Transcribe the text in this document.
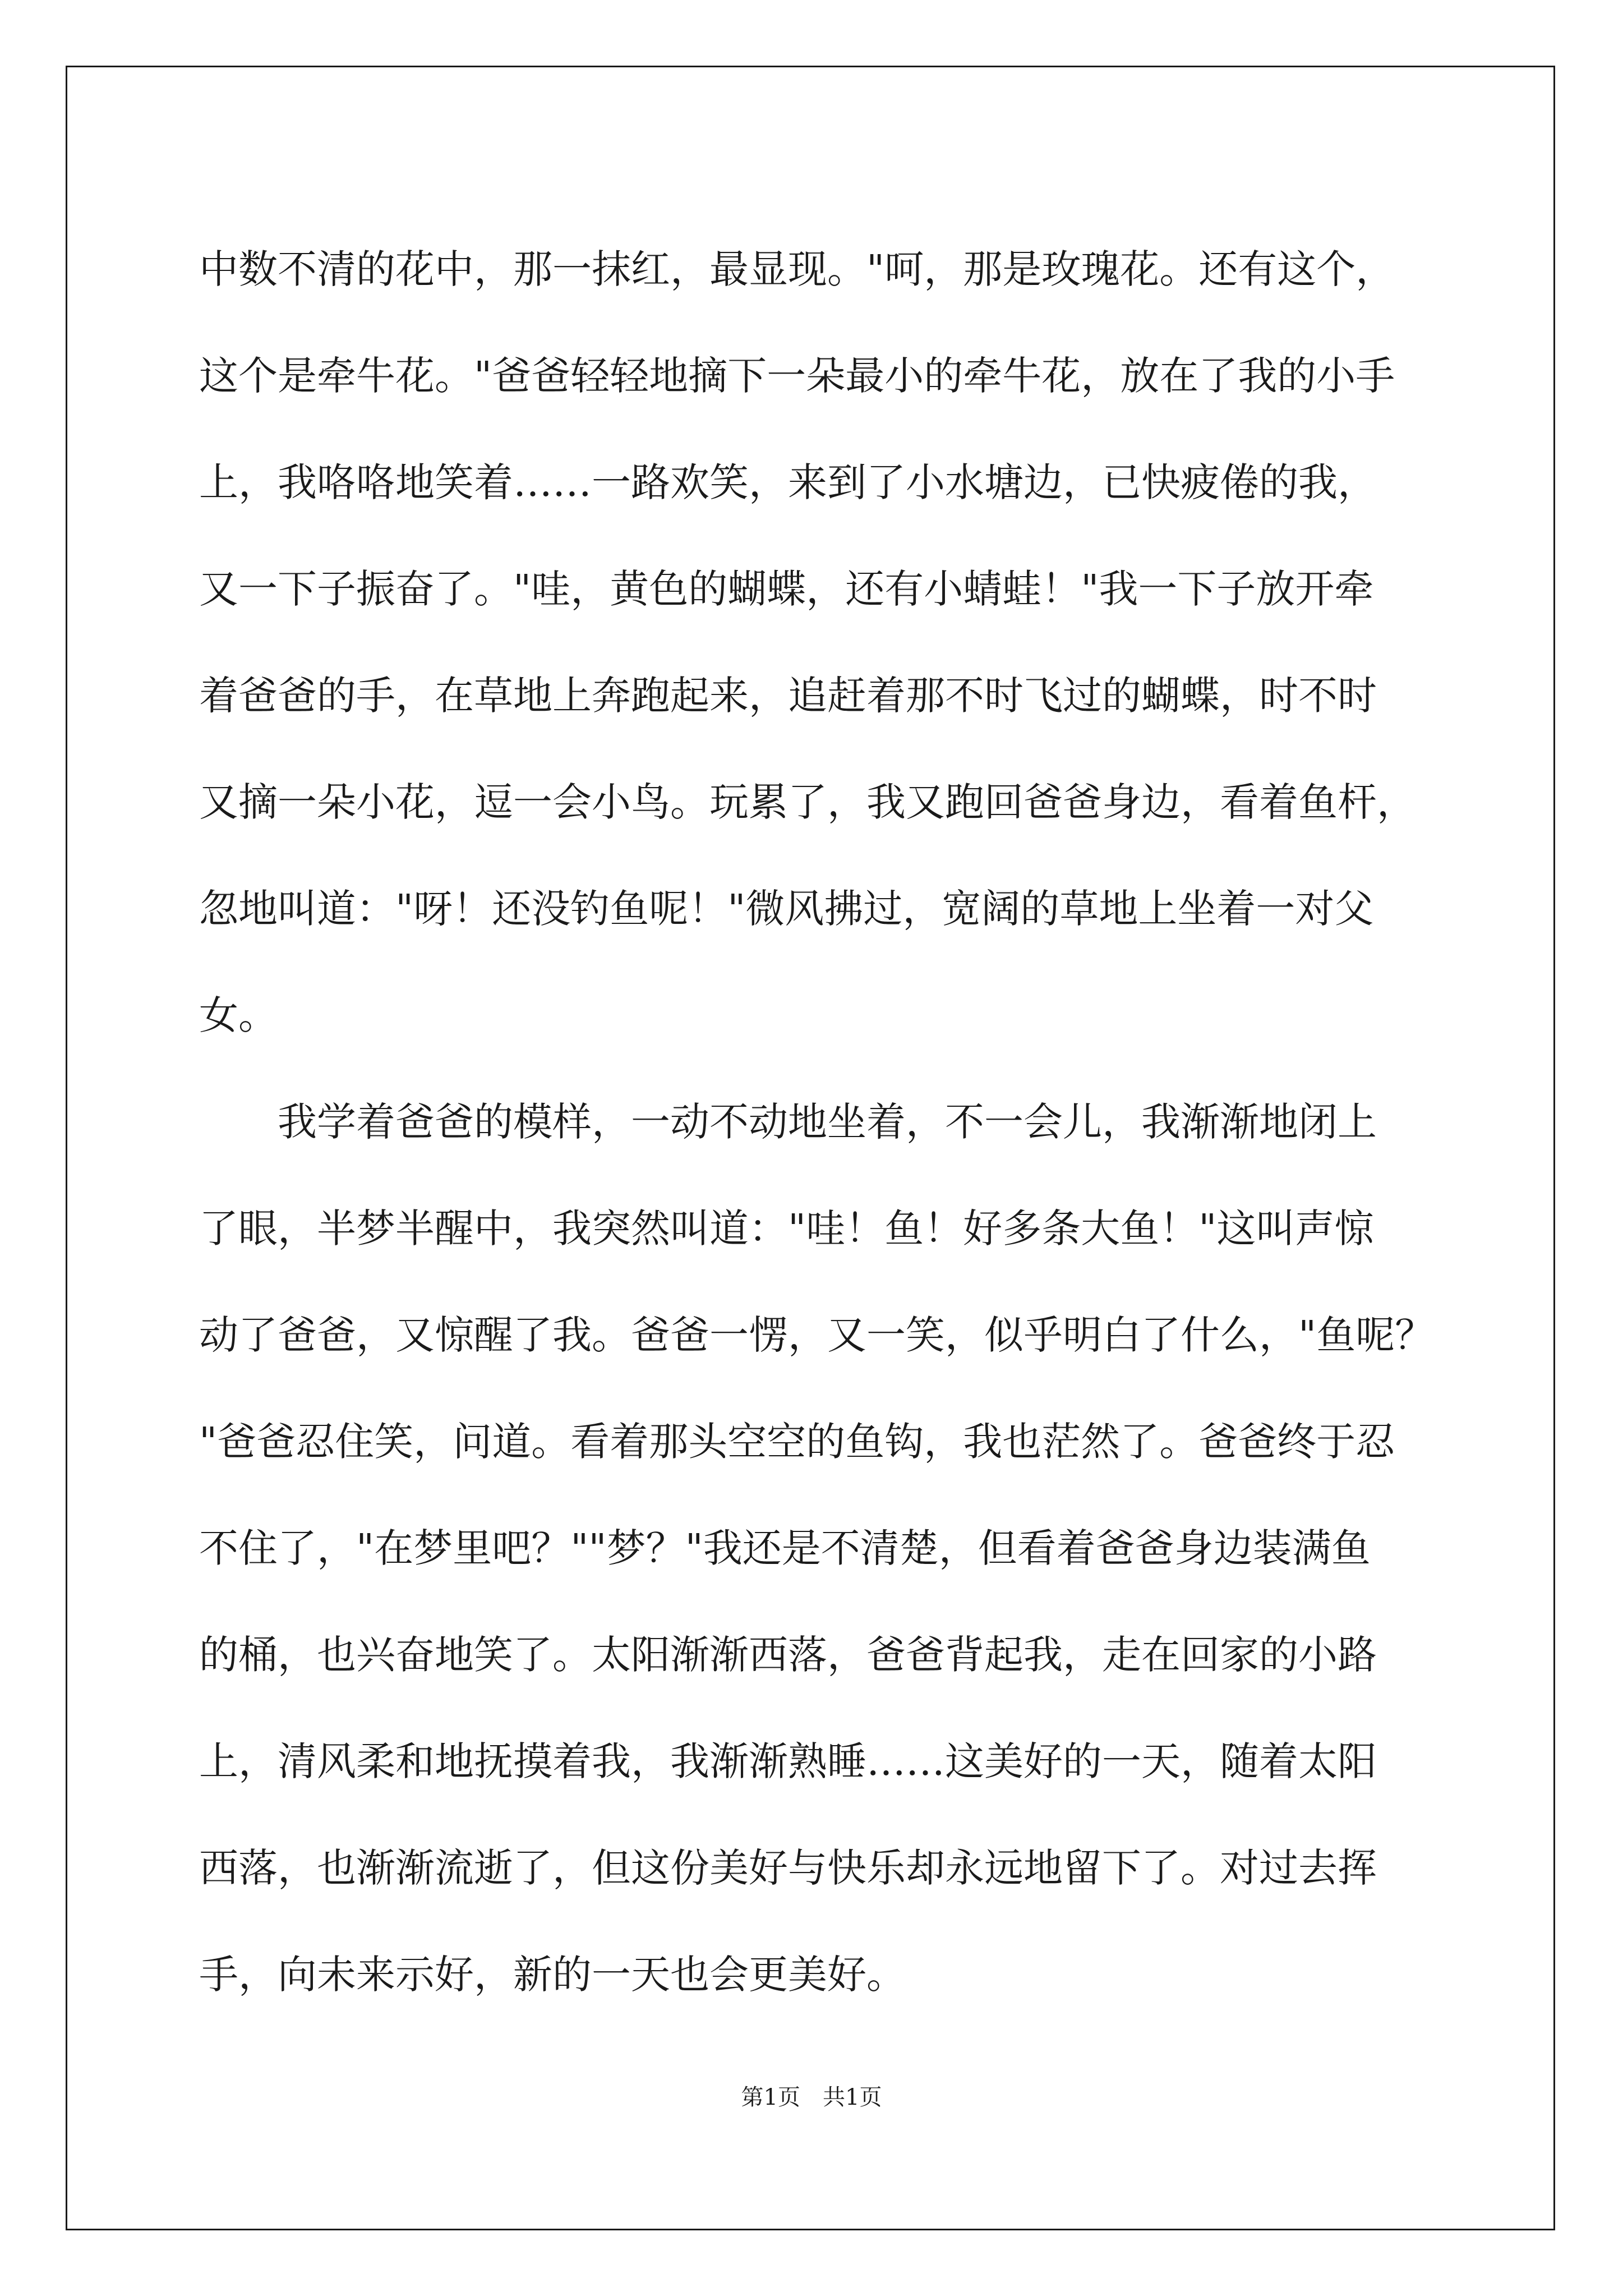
中数不清的花中，那一抹红，最显现。"呵，那是玫瑰花。还有这个，
这个是牵牛花。"爸爸轻轻地摘下一朵最小的牵牛花，放在了我的小手
上，我咯咯地笑着……一路欢笑，来到了小水塘边，已快疲倦的我，
又一下子振奋了。"哇，黄色的蝴蝶，还有小蜻蛙！"我一下子放开牵
着爸爸的手，在草地上奔跑起来，追赶着那不时飞过的蝴蝶，时不时
又摘一朵小花，逗一会小鸟。玩累了，我又跑回爸爸身边，看着鱼杆，
忽地叫道："呀！还没钓鱼呢！"微风拂过，宽阔的草地上坐着一对父
女。
我学着爸爸的模样，一动不动地坐着，不一会儿，我渐渐地闭上
了眼，半梦半醒中，我突然叫道："哇！鱼！好多条大鱼！"这叫声惊
动了爸爸，又惊醒了我。爸爸一愣，又一笑，似乎明白了什么，"鱼呢？
"爸爸忍住笑，问道。看着那头空空的鱼钩，我也茫然了。爸爸终于忍
不住了，"在梦里吧？""梦？"我还是不清楚，但看着爸爸身边装满鱼
的桶，也兴奋地笑了。太阳渐渐西落，爸爸背起我，走在回家的小路
上，清风柔和地抚摸着我，我渐渐熟睡……这美好的一天，随着太阳
西落，也渐渐流逝了，但这份美好与快乐却永远地留下了。对过去挥
手，向未来示好，新的一天也会更美好。
第1页　共1页
